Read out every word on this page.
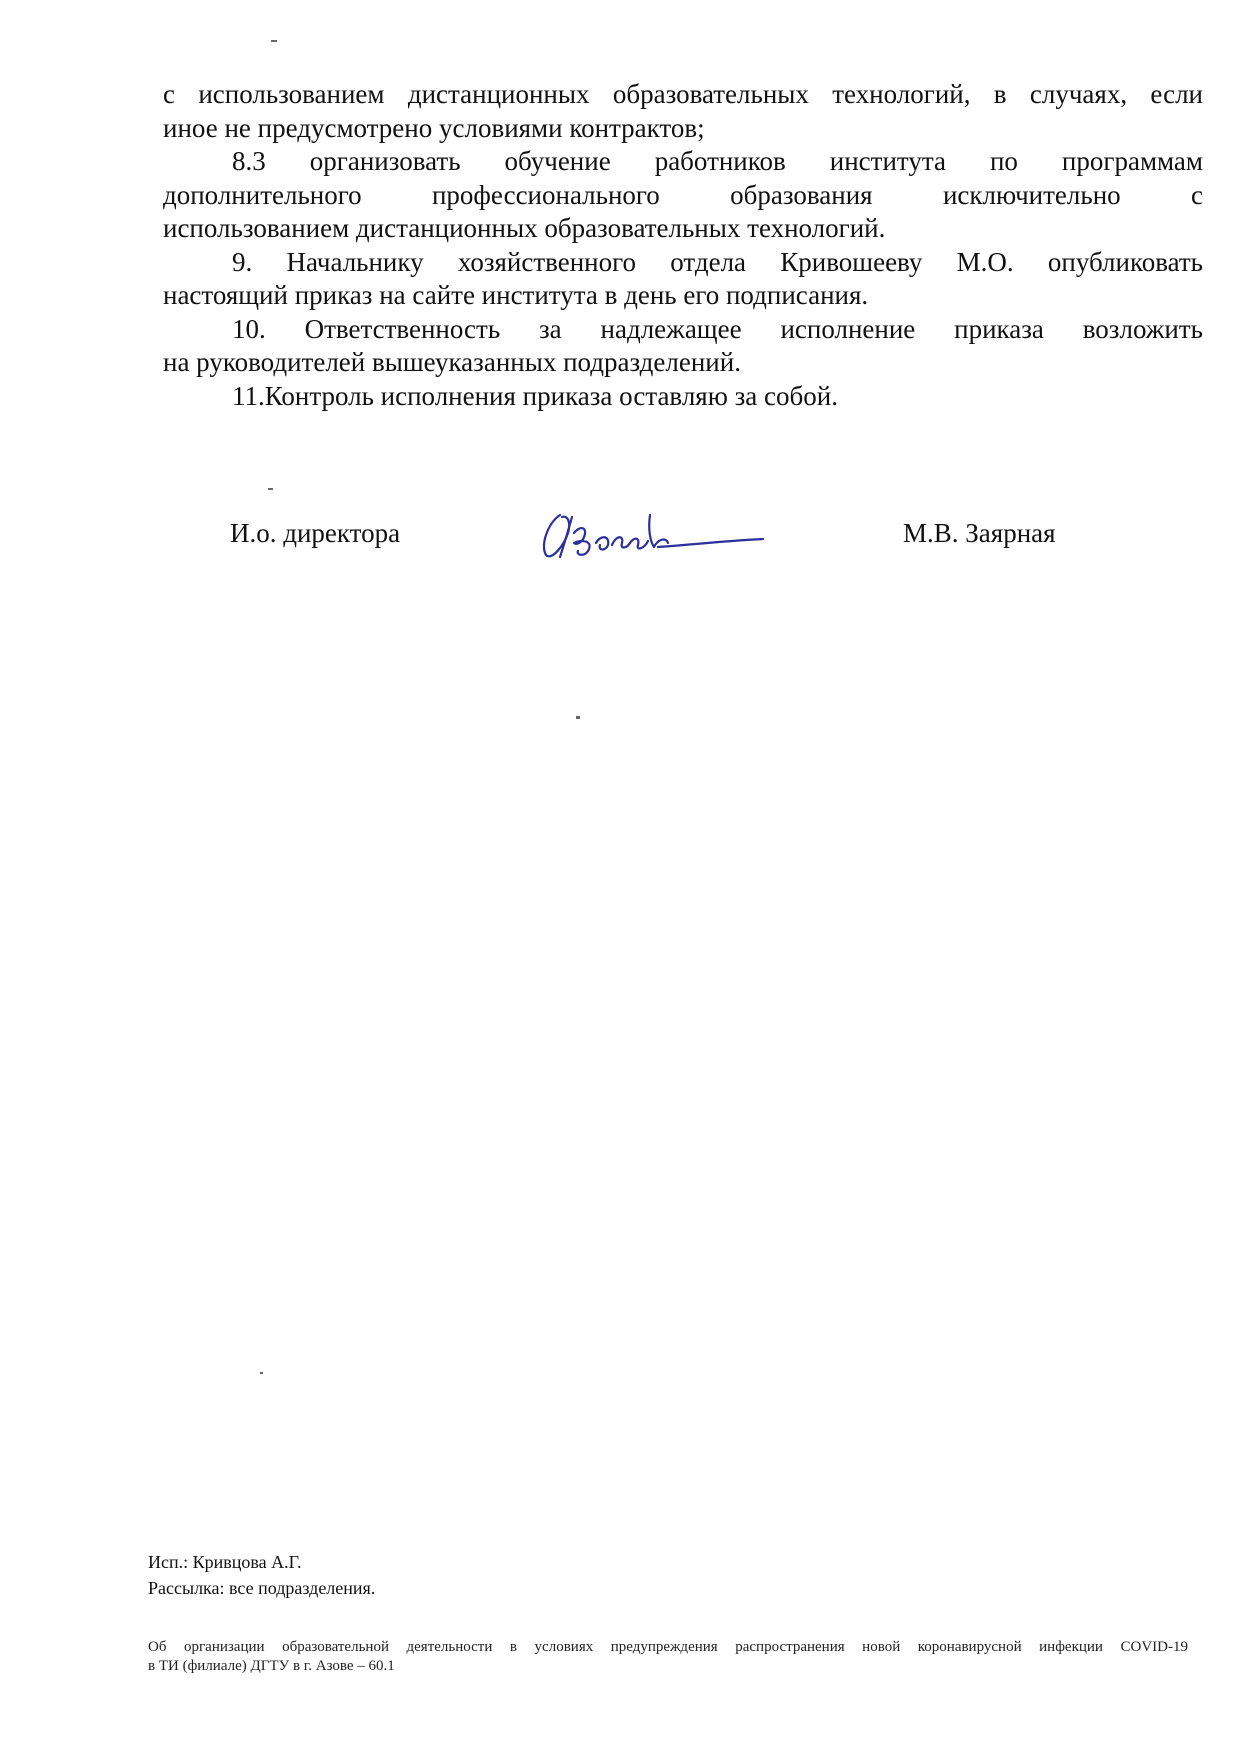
с использованием дистанционных образовательных технологий, в случаях, если

иное не предусмотрено условиями контрактов;

8.3 организовать обучение работников института по программам

дополнительного профессионального образования исключительно с

использованием дистанционных образовательных технологий.

9. Начальнику хозяйственного отдела Кривошееву М.О. опубликовать

настоящий приказ на сайте института в день его подписания.

10. Ответственность за надлежащее исполнение приказа возложить

на руководителей вышеуказанных подразделений.

11.Контроль исполнения приказа оставляю за собой.

И.о. директора	М.В. Заярная
Исп.: Кривцова А.Г.
Рассылка: все подразделения.
Об организации образовательной деятельности в условиях предупреждения распространения новой коронавирусной инфекции COVID-19
в ТИ (филиале) ДГТУ в г. Азове – 60.1
